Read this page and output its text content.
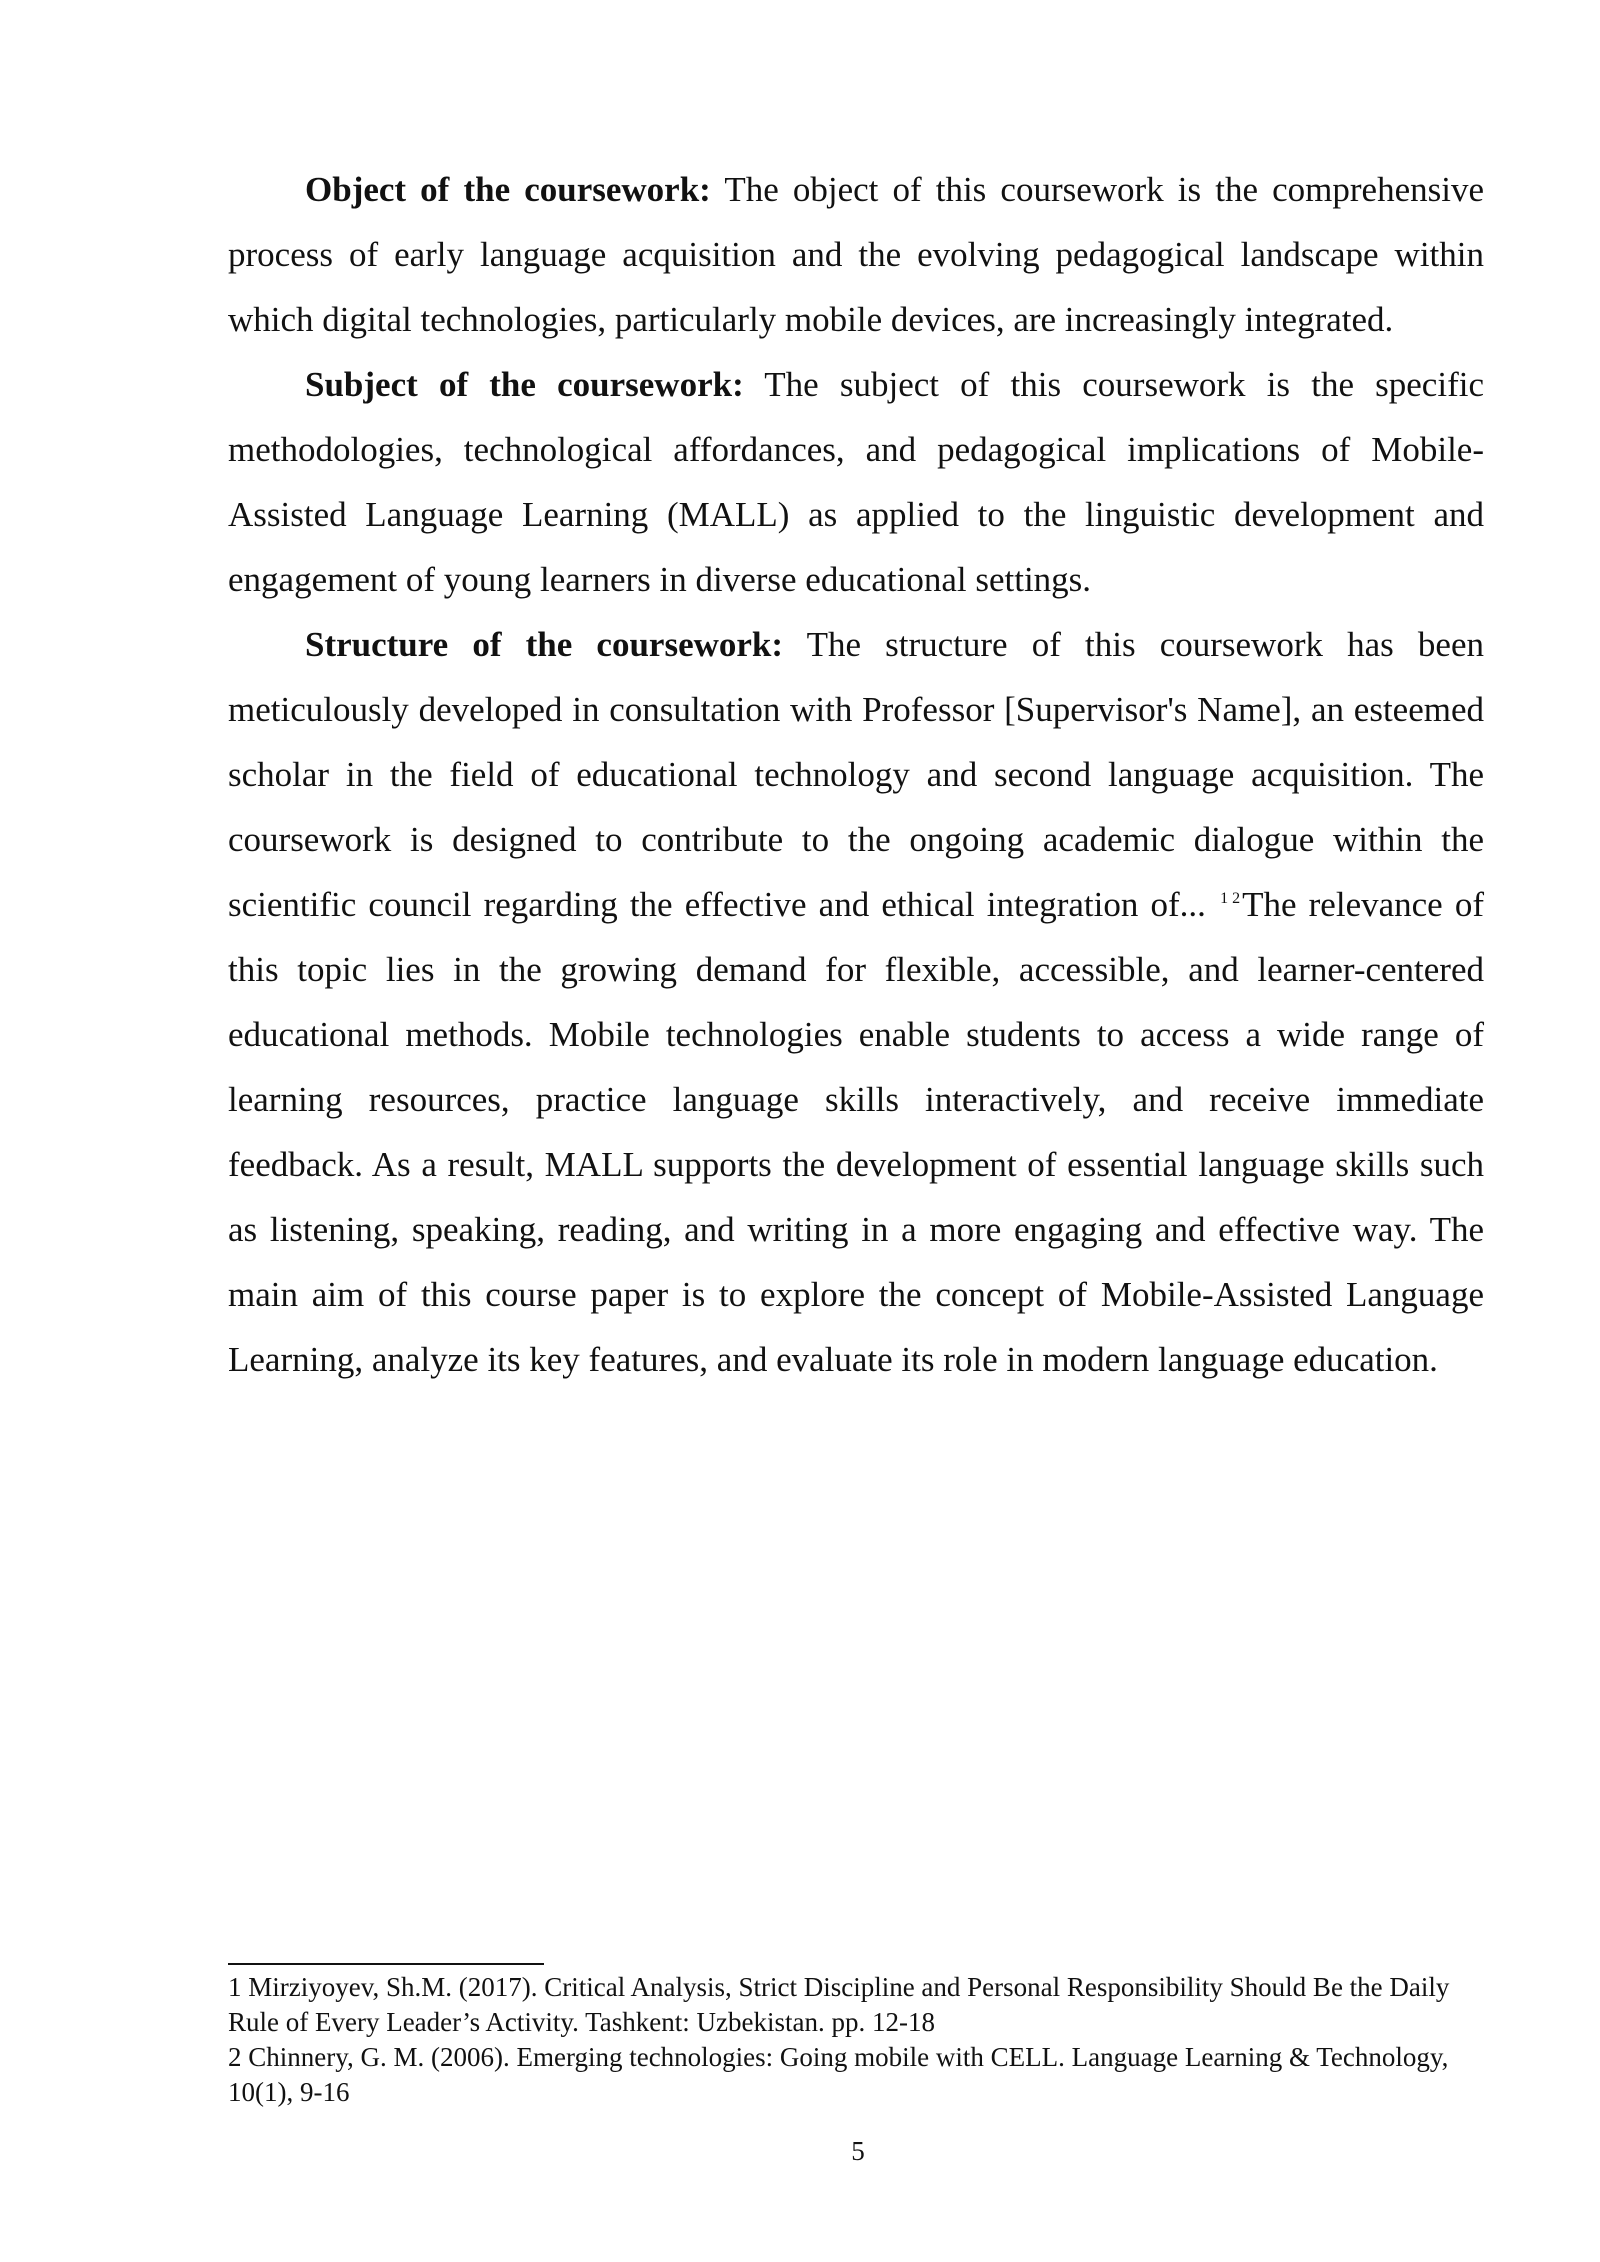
Object of the coursework: The object of this coursework is the comprehensive process of early language acquisition and the evolving pedagogical landscape within which digital technologies, particularly mobile devices, are increasingly integrated.

Subject of the coursework: The subject of this coursework is the specific methodologies, technological affordances, and pedagogical implications of Mobile-Assisted Language Learning (MALL) as applied to the linguistic development and engagement of young learners in diverse educational settings.

Structure of the coursework: The structure of this coursework has been meticulously developed in consultation with Professor [Supervisor's Name], an esteemed scholar in the field of educational technology and second language acquisition. The coursework is designed to contribute to the ongoing academic dialogue within the scientific council regarding the effective and ethical integration of... $^1$ $^2$The relevance of this topic lies in the growing demand for flexible, accessible, and learner-centered educational methods. Mobile technologies enable students to access a wide range of learning resources, practice language skills interactively, and receive immediate feedback. As a result, MALL supports the development of essential language skills such as listening, speaking, reading, and writing in a more engaging and effective way. The main aim of this course paper is to explore the concept of Mobile-Assisted Language Learning, analyze its key features, and evaluate its role in modern language education.

1 Mirziyoyev, Sh.M. (2017). Critical Analysis, Strict Discipline and Personal Responsibility Should Be the Daily Rule of Every Leader’s Activity. Tashkent: Uzbekistan. pp. 12-18

2 Chinnery, G. M. (2006). Emerging technologies: Going mobile with CELL. Language Learning & Technology, 10(1), 9-16

5
